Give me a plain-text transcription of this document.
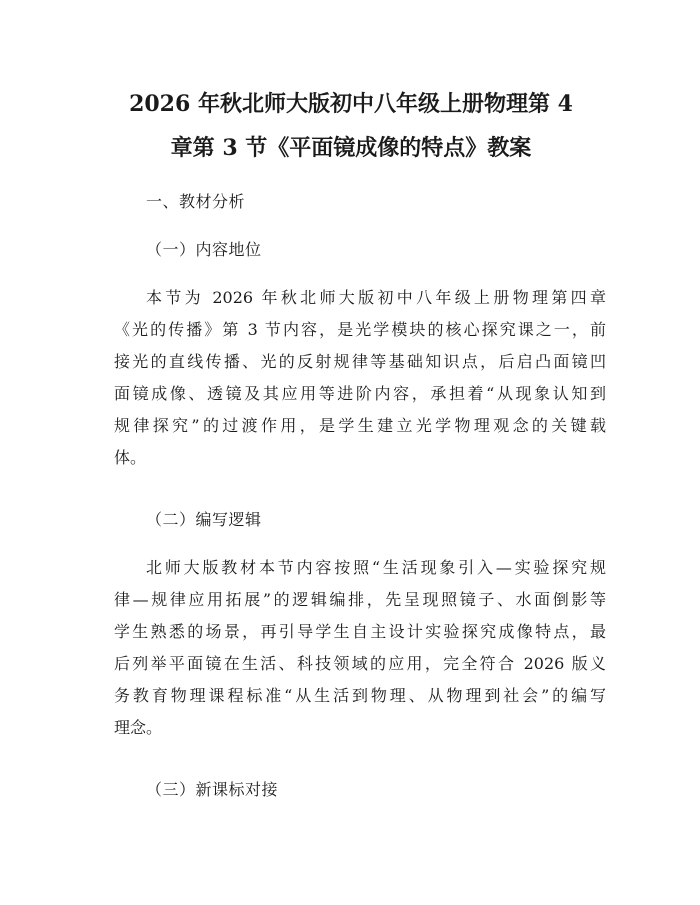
2026 年秋北师大版初中八年级上册物理第 4
章第 3 节《平面镜成像的特点》教案
一、教材分析
（一）内容地位

本节为 2026 年秋北师大版初中八年级上册物理第四章

《光的传播》第 3 节内容，是光学模块的核心探究课之一，前

接光的直线传播、光的反射规律等基础知识点，后启凸面镜凹

面镜成像、透镜及其应用等进阶内容，承担着“从现象认知到

规律探究”的过渡作用，是学生建立光学物理观念的关键载

体。

（二）编写逻辑

北师大版教材本节内容按照“生活现象引入—实验探究规

律—规律应用拓展”的逻辑编排，先呈现照镜子、水面倒影等

学生熟悉的场景，再引导学生自主设计实验探究成像特点，最

后列举平面镜在生活、科技领域的应用，完全符合 2026 版义

务教育物理课程标准“从生活到物理、从物理到社会”的编写

理念。

（三）新课标对接
